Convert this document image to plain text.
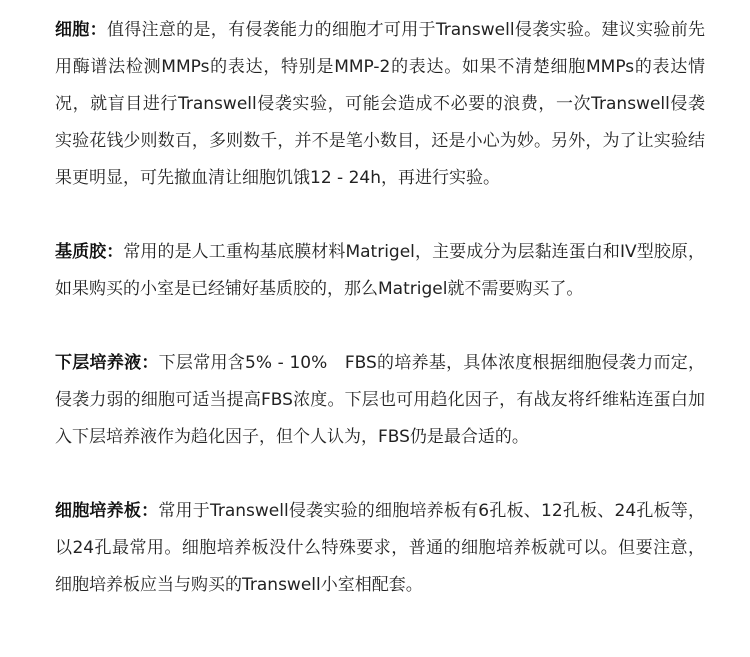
细胞：值得注意的是，有侵袭能力的细胞才可用于Transwell侵袭实验。建议实验前先用酶谱法检测MMPs的表达，特别是MMP-2的表达。如果不清楚细胞MMPs的表达情况，就盲目进行Transwell侵袭实验，可能会造成不必要的浪费，一次Transwell侵袭实验花钱少则数百，多则数千，并不是笔小数目，还是小心为妙。另外，为了让实验结果更明显，可先撤血清让细胞饥饿12 - 24h，再进行实验。

基质胶：常用的是人工重构基底膜材料Matrigel，主要成分为层黏连蛋白和IV型胶原，如果购买的小室是已经铺好基质胶的，那么Matrigel就不需要购买了。

下层培养液：下层常用含5% - 10%　FBS的培养基，具体浓度根据细胞侵袭力而定，侵袭力弱的细胞可适当提高FBS浓度。下层也可用趋化因子，有战友将纤维粘连蛋白加入下层培养液作为趋化因子，但个人认为，FBS仍是最合适的。

细胞培养板：常用于Transwell侵袭实验的细胞培养板有6孔板、12孔板、24孔板等，以24孔最常用。细胞培养板没什么特殊要求，普通的细胞培养板就可以。但要注意，细胞培养板应当与购买的Transwell小室相配套。
